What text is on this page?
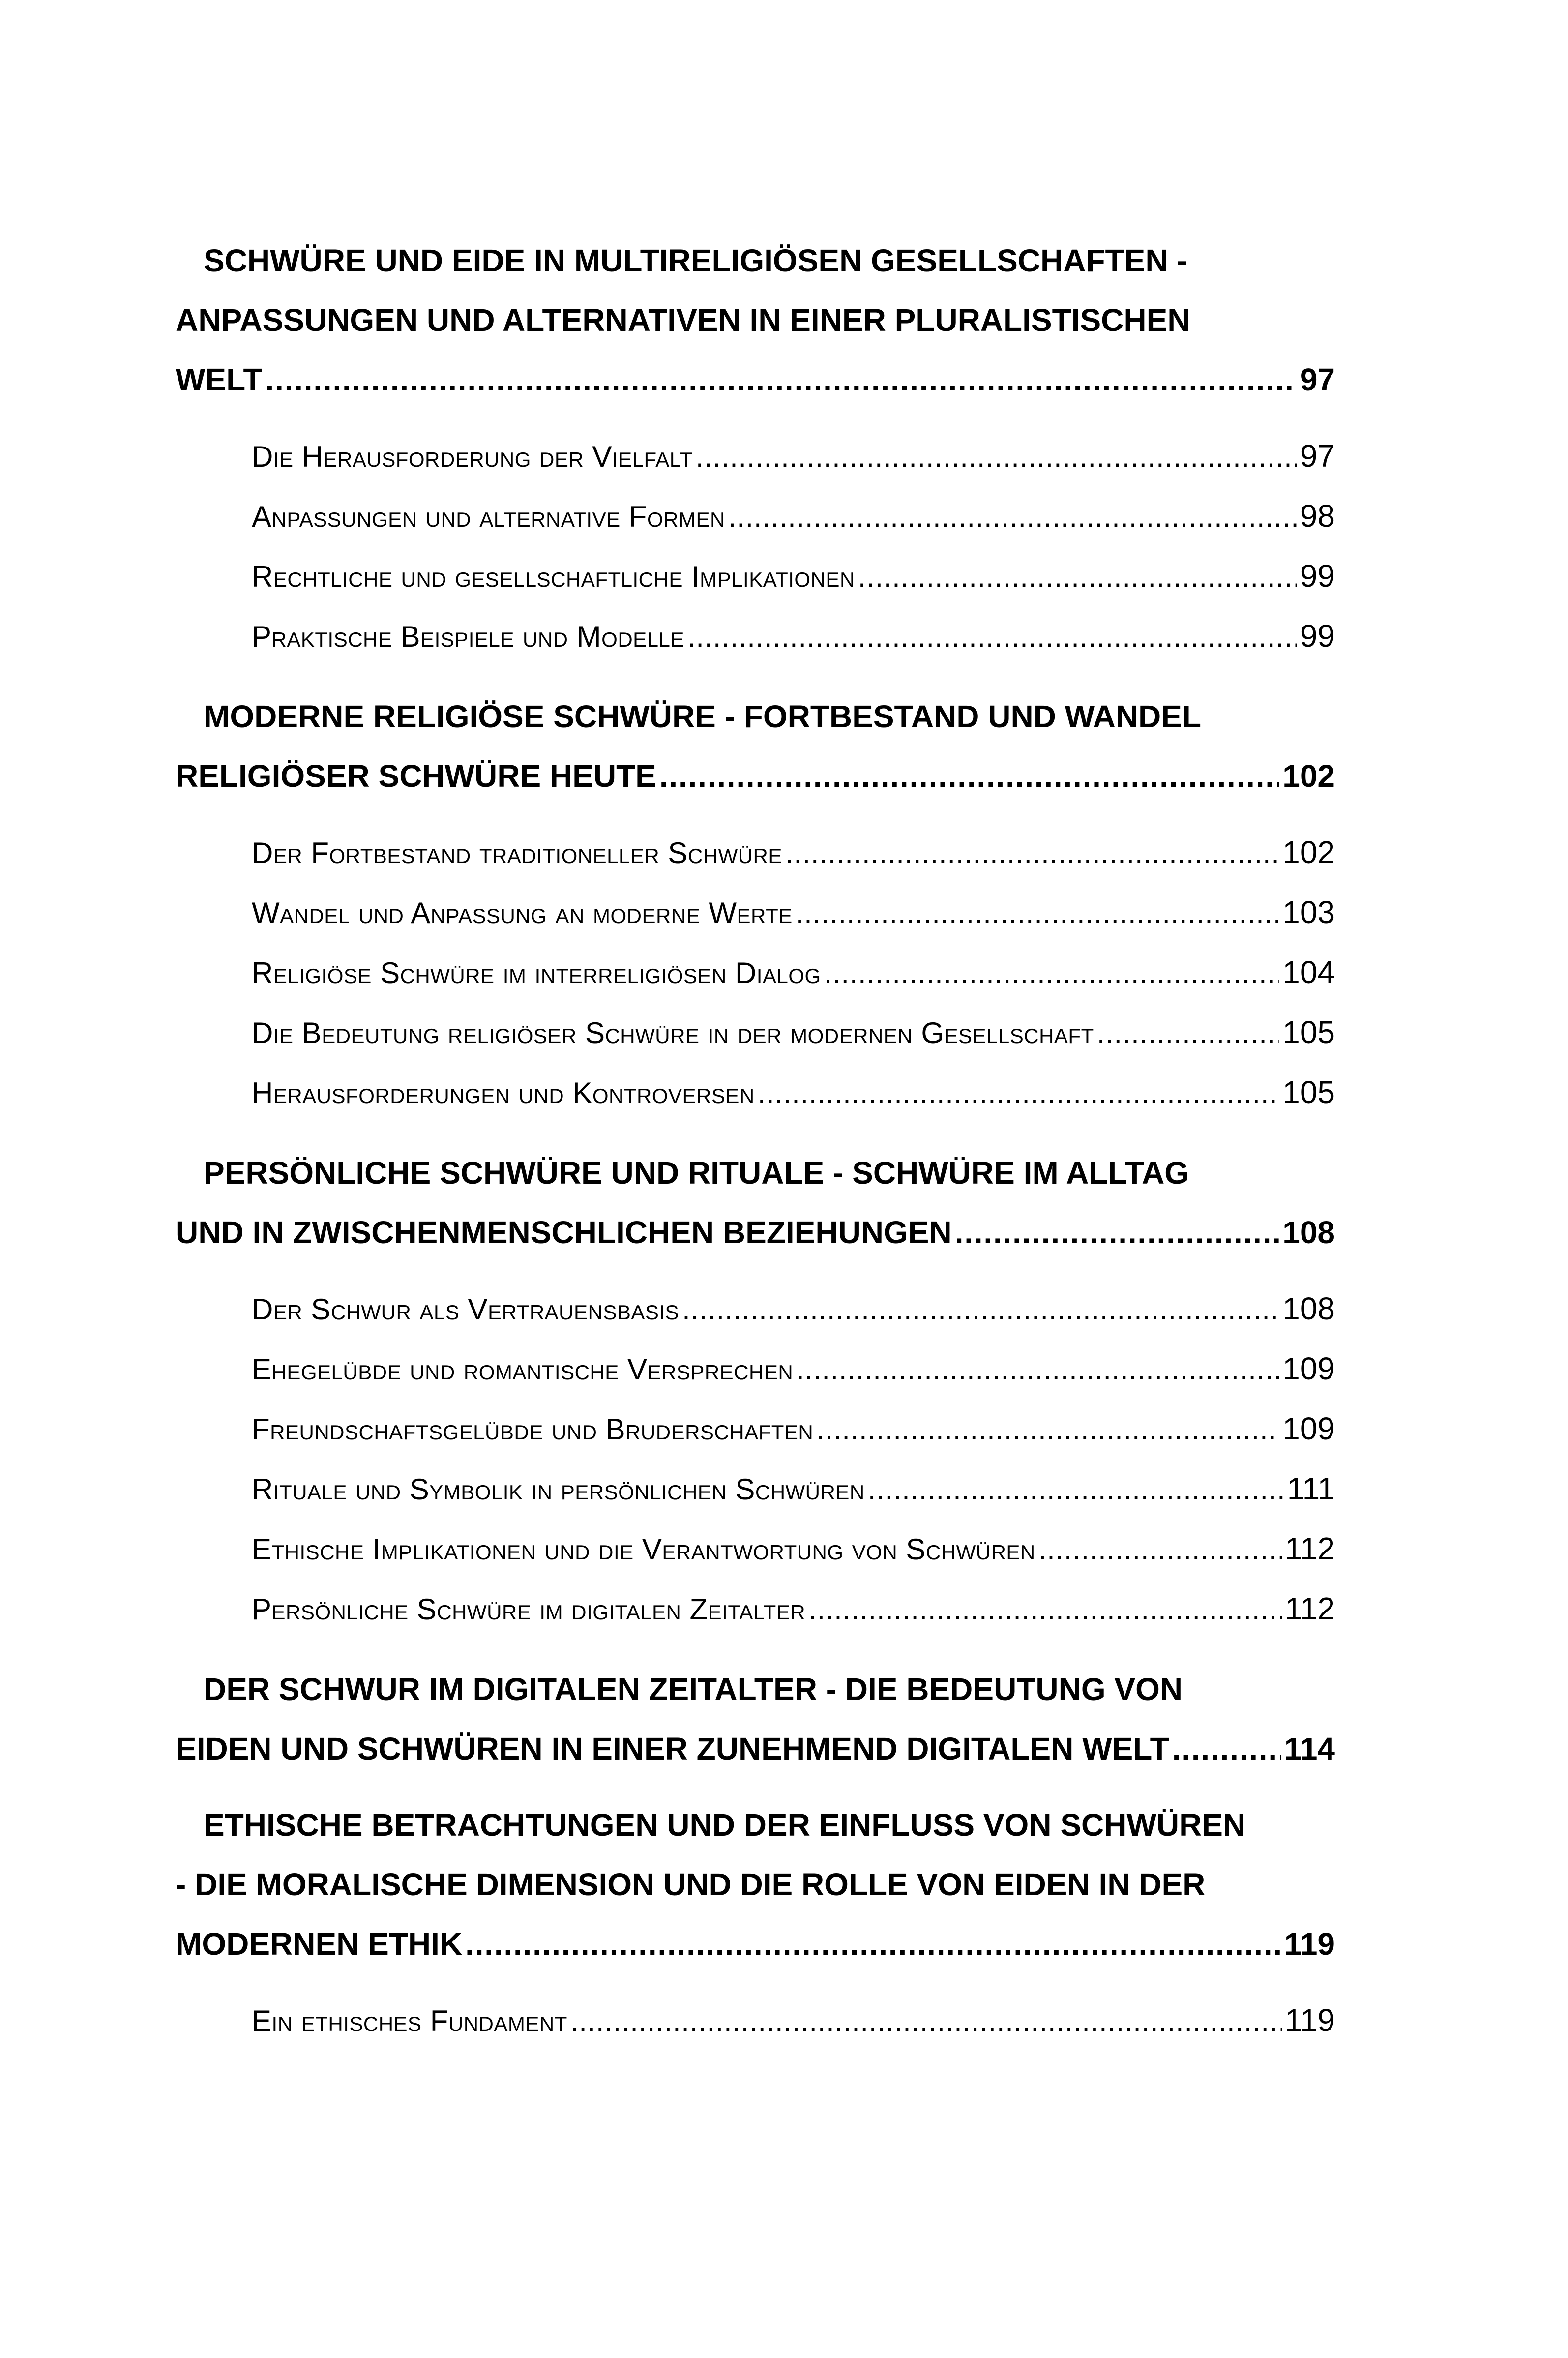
SCHWÜRE UND EIDE IN MULTIRELIGIÖSEN GESELLSCHAFTEN -
ANPASSUNGEN UND ALTERNATIVEN IN EINER PLURALISTISCHEN
WELT . . .	97
Die Herausforderung der Vielfalt . . .	97
Anpassungen und alternative Formen . . .	98
Rechtliche und gesellschaftliche Implikationen . . .	99
Praktische Beispiele und Modelle . . .	99
MODERNE RELIGIÖSE SCHWÜRE - FORTBESTAND UND WANDEL
RELIGIÖSER SCHWÜRE HEUTE . . .	102
Der Fortbestand traditioneller Schwüre . . .	102
Wandel und Anpassung an moderne Werte . . .	103
Religiöse Schwüre im interreligiösen Dialog . . .	104
Die Bedeutung religiöser Schwüre in der modernen Gesellschaft . . .	105
Herausforderungen und Kontroversen . . .	105
PERSÖNLICHE SCHWÜRE UND RITUALE - SCHWÜRE IM ALLTAG
UND IN ZWISCHENMENSCHLICHEN BEZIEHUNGEN . . .	108
Der Schwur als Vertrauensbasis . . .	108
Ehegelübde und romantische Versprechen . . .	109
Freundschaftsgelübde und Bruderschaften . . .	109
Rituale und Symbolik in persönlichen Schwüren . . .	111
Ethische Implikationen und die Verantwortung von Schwüren . . .	112
Persönliche Schwüre im digitalen Zeitalter . . .	112
DER SCHWUR IM DIGITALEN ZEITALTER - DIE BEDEUTUNG VON
EIDEN UND SCHWÜREN IN EINER ZUNEHMEND DIGITALEN WELT . . .	114
ETHISCHE BETRACHTUNGEN UND DER EINFLUSS VON SCHWÜREN
- DIE MORALISCHE DIMENSION UND DIE ROLLE VON EIDEN IN DER
MODERNEN ETHIK . . .	119
Ein ethisches Fundament . . .	119
